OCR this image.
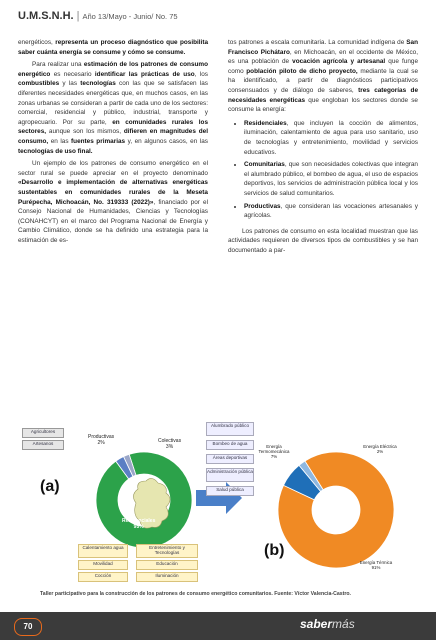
U.M.S.N.H. | Año 13/Mayo - Junio/ No. 75

energéticos, representa un proceso diagnóstico que posibilita saber cuánta energía se consume y cómo se consume.

Para realizar una estimación de los patrones de consumo energético es necesario identificar las prácticas de uso, los combustibles y las tecnologías con las que se satisfacen las diferentes necesidades energéticas que, en muchos casos, en las zonas urbanas se consideran a partir de cada uno de los sectores: comercial, residencial y público, industrial, transporte y agropecuario. Por su parte, en comunidades rurales los sectores, aunque son los mismos, difieren en magnitudes del consumo, en las fuentes primarias y, en algunos casos, en las tecnologías de uso final.

Un ejemplo de los patrones de consumo energético en el sector rural se puede apreciar en el proyecto denominado «Desarrollo e implementación de alternativas energéticas sustentables en comunidades rurales de la Meseta Purépecha, Michoacán, No. 319333 (2022)», financiado por el Consejo Nacional de Humanidades, Ciencias y Tecnologías (CONAHCYT) en el marco del Programa Nacional de Energía y Cambio Climático, donde se ha definido una estrategia para la estimación de es-

tos patrones a escala comunitaria. La comunidad indígena de San Francisco Pichátaro, en Michoacán, en el occidente de México, es una población de vocación agrícola y artesanal que funge como población piloto de dicho proyecto, mediante la cual se ha identificado, a partir de diagnósticos participativos consensuados y de diálogo de saberes, tres categorías de necesidades energéticas que engloban los sectores donde se consume la energía:

• Residenciales, que incluyen la cocción de alimentos, iluminación, calentamiento de agua para uso sanitario, uso de tecnologías y entretenimiento, movilidad y servicios educativos.
• Comunitarias, que son necesidades colectivas que integran el alumbrado público, el bombeo de agua, el uso de espacios deportivos, los servicios de administración pública local y los servicios de salud comunitarios.
• Productivas, que consideran las vocaciones artesanales y agrícolas.

Los patrones de consumo en esta localidad muestran que las actividades requieren de diversos tipos de combustibles y se han documentado a par-

Agricultores
Artesanos
Productivas
2%	Colectivas
3%
Residenciales
95%
Alumbrado público
Bombeo de agua
Áreas deportivas
Administración pública
Salud pública
Calentamiento agua	Entretenimiento y Tecnologías
Movilidad	Educación
Cocción	Iluminación
Energía Termomecánica
7%
Energía Eléctrica
2%
Energía Térmica
91%
(a)
(b)
Taller participativo para la construcción de los patrones de consumo energético comunitarios. Fuente: Víctor Valencia-Castro.
70	sabermás
